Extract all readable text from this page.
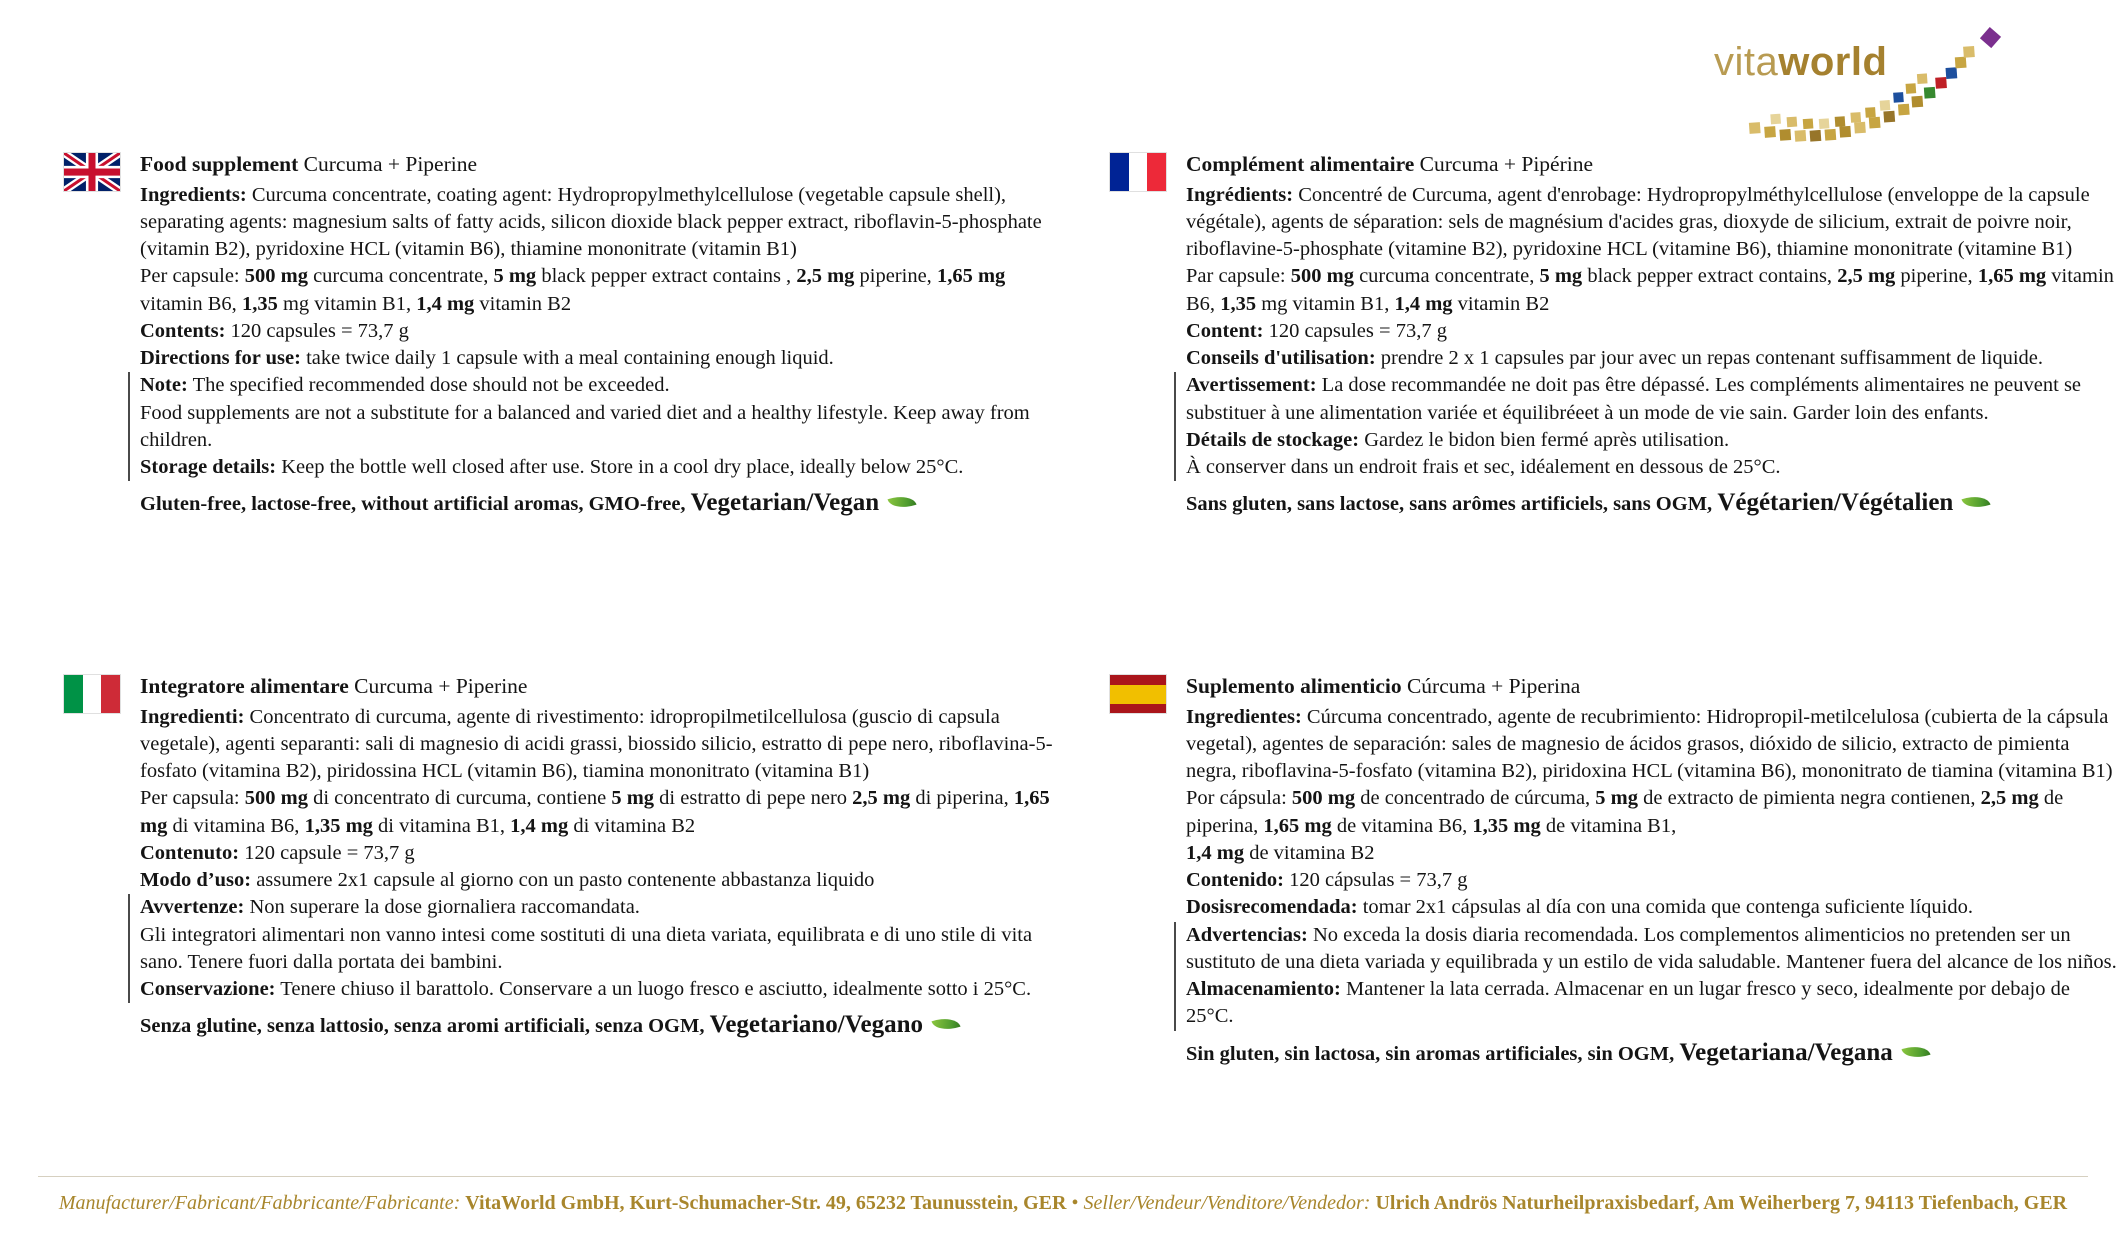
vitaworld

Food supplement Curcuma + Piperine

Ingredients: Curcuma concentrate, coating agent: Hydropropylmethylcellulose (vegetable capsule shell), separating agents: magnesium salts of fatty acids, silicon dioxide black pepper extract, riboflavin-5-phosphate (vitamin B2), pyridoxine HCL (vitamin B6), thiamine mononitrate (vitamin B1)

Per capsule: 500 mg curcuma concentrate, 5 mg black pepper extract contains , 2,5 mg piperine, 1,65 mg vitamin B6, 1,35 mg vitamin B1, 1,4 mg vitamin B2

Contents: 120 capsules = 73,7 g

Directions for use: take twice daily 1 capsule with a meal containing enough liquid.

Note: The specified recommended dose should not be exceeded.
Food supplements are not a substitute for a balanced and varied diet and a healthy lifestyle. Keep away from children.
Storage details: Keep the bottle well closed after use. Store in a cool dry place, ideally below 25°C.

Gluten-free, lactose-free, without artificial aromas, GMO-free, Vegetarian/Vegan

Complément alimentaire Curcuma + Pipérine

Ingrédients: Concentré de Curcuma, agent d'enrobage: Hydropropylméthylcellulose (enveloppe de la capsule végétale), agents de séparation: sels de magnésium d'acides gras, dioxyde de silicium, extrait de poivre noir, riboflavine-5-phosphate (vitamine B2), pyridoxine HCL (vitamine B6), thiamine mononitrate (vitamine B1)

Par capsule: 500 mg curcuma concentrate, 5 mg black pepper extract contains, 2,5 mg piperine, 1,65 mg vitamin B6, 1,35 mg vitamin B1, 1,4 mg vitamin B2

Content: 120 capsules = 73,7 g

Conseils d'utilisation: prendre 2 x 1 capsules par jour avec un repas contenant suffisamment de liquide.

Avertissement: La dose recommandée ne doit pas être dépassé. Les compléments alimentaires ne peuvent se substituer à une alimentation variée et équilibréeet à un mode de vie sain. Garder loin des enfants.
Détails de stockage: Gardez le bidon bien fermé après utilisation.
À conserver dans un endroit frais et sec, idéalement en dessous de 25°C.

Sans gluten, sans lactose, sans arômes artificiels, sans OGM, Végétarien/Végétalien

Integratore alimentare Curcuma + Piperine

Ingredienti: Concentrato di curcuma, agente di rivestimento: idropropilmetilcellulosa (guscio di capsula vegetale), agenti separanti: sali di magnesio di acidi grassi, biossido silicio, estratto di pepe nero, riboflavina-5-fosfato (vitamina B2), piridossina HCL (vitamin B6), tiamina mononitrato (vitamina B1)

Per capsula: 500 mg di concentrato di curcuma, contiene 5 mg di estratto di pepe nero 2,5 mg di piperina, 1,65 mg di vitamina B6, 1,35 mg di vitamina B1, 1,4 mg di vitamina B2

Contenuto: 120 capsule = 73,7 g

Modo d’uso: assumere 2x1 capsule al giorno con un pasto contenente abbastanza liquido

Avvertenze: Non superare la dose giornaliera raccomandata.
Gli integratori alimentari non vanno intesi come sostituti di una dieta variata, equilibrata e di uno stile di vita sano. Tenere fuori dalla portata dei bambini.
Conservazione: Tenere chiuso il barattolo. Conservare a un luogo fresco e asciutto, idealmente sotto i 25°C.

Senza glutine, senza lattosio, senza aromi artificiali, senza OGM, Vegetariano/Vegano

Suplemento alimenticio Cúrcuma + Piperina

Ingredientes: Cúrcuma concentrado, agente de recubrimiento: Hidropropil-metilcelulosa (cubierta de la cápsula vegetal), agentes de separación: sales de magnesio de ácidos grasos, dióxido de silicio, extracto de pimienta negra, riboflavina-5-fosfato (vitamina B2), piridoxina HCL (vitamina B6), mononitrato de tiamina (vitamina B1)

Por cápsula: 500 mg de concentrado de cúrcuma, 5 mg de extracto de pimienta negra contienen, 2,5 mg de piperina, 1,65 mg de vitamina B6, 1,35 mg de vitamina B1,
1,4 mg de vitamina B2

Contenido: 120 cápsulas = 73,7 g

Dosisrecomendada: tomar 2x1 cápsulas al día con una comida que contenga suficiente líquido.

Advertencias: No exceda la dosis diaria recomendada. Los complementos alimenticios no pretenden ser un sustituto de una dieta variada y equilibrada y un estilo de vida saludable. Mantener fuera del alcance de los niños.
Almacenamiento: Mantener la lata cerrada. Almacenar en un lugar fresco y seco, idealmente por debajo de 25°C.

Sin gluten, sin lactosa, sin aromas artificiales, sin OGM, Vegetariana/Vegana

Manufacturer/Fabricant/Fabbricante/Fabricante: VitaWorld GmbH, Kurt-Schumacher-Str. 49, 65232 Taunusstein, GER • Seller/Vendeur/Venditore/Vendedor: Ulrich Andrös Naturheilpraxisbedarf, Am Weiherberg 7, 94113 Tiefenbach, GER
